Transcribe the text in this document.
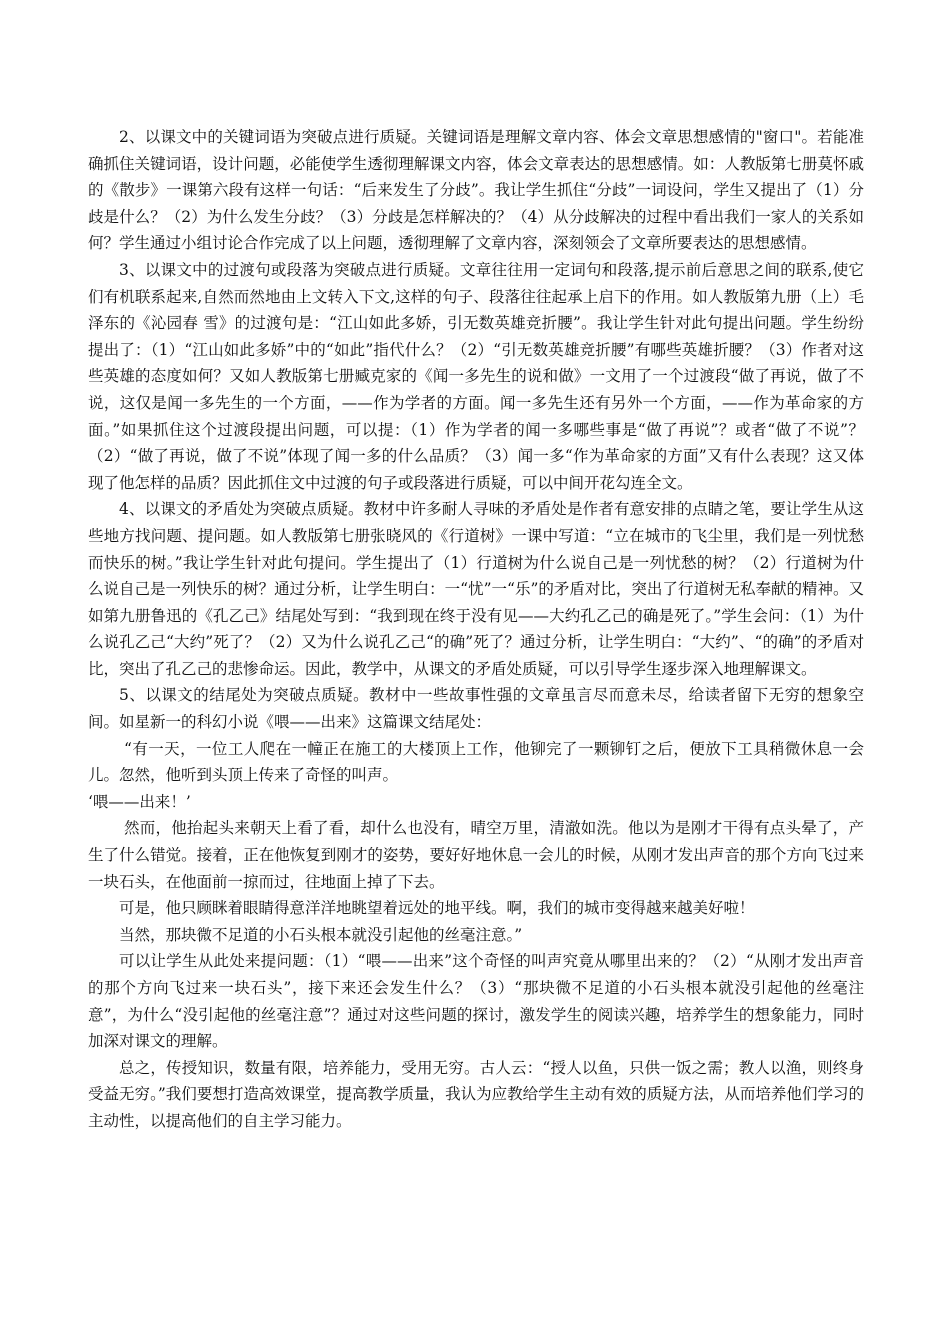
2、以课文中的关键词语为突破点进行质疑。关键词语是理解文章内容、体会文章思想感情的"窗口"。若能准确抓住关键词语，设计问题，必能使学生透彻理解课文内容，体会文章表达的思想感情。如：人教版第七册莫怀戚的《散步》一课第六段有这样一句话：“后来发生了分歧”。我让学生抓住“分歧”一词设问，学生又提出了（1）分歧是什么？（2）为什么发生分歧？（3）分歧是怎样解决的？（4）从分歧解决的过程中看出我们一家人的关系如何？学生通过小组讨论合作完成了以上问题，透彻理解了文章内容，深刻领会了文章所要表达的思想感情。

3、以课文中的过渡句或段落为突破点进行质疑。文章往往用一定词句和段落,提示前后意思之间的联系,使它们有机联系起来,自然而然地由上文转入下文,这样的句子、段落往往起承上启下的作用。如人教版第九册（上）毛泽东的《沁园春 雪》的过渡句是：“江山如此多娇，引无数英雄竞折腰”。我让学生针对此句提出问题。学生纷纷提出了：（1）“江山如此多娇”中的“如此”指代什么？（2）“引无数英雄竞折腰”有哪些英雄折腰？（3）作者对这些英雄的态度如何？又如人教版第七册臧克家的《闻一多先生的说和做》一文用了一个过渡段“做了再说，做了不说，这仅是闻一多先生的一个方面，——作为学者的方面。闻一多先生还有另外一个方面，——作为革命家的方面。”如果抓住这个过渡段提出问题，可以提：（1）作为学者的闻一多哪些事是“做了再说”？或者“做了不说”？（2）“做了再说，做了不说”体现了闻一多的什么品质？（3）闻一多“作为革命家的方面”又有什么表现？这又体现了他怎样的品质？因此抓住文中过渡的句子或段落进行质疑，可以中间开花勾连全文。

4、以课文的矛盾处为突破点质疑。教材中许多耐人寻味的矛盾处是作者有意安排的点睛之笔，要让学生从这些地方找问题、提问题。如人教版第七册张晓风的《行道树》一课中写道：“立在城市的飞尘里，我们是一列忧愁而快乐的树。”我让学生针对此句提问。学生提出了（1）行道树为什么说自己是一列忧愁的树？（2）行道树为什么说自己是一列快乐的树？通过分析，让学生明白：一“忧”一“乐”的矛盾对比，突出了行道树无私奉献的精神。又如第九册鲁迅的《孔乙己》结尾处写到：“我到现在终于没有见——大约孔乙己的确是死了。”学生会问：（1）为什么说孔乙己“大约”死了？（2）又为什么说孔乙己“的确”死了？通过分析，让学生明白：“大约”、“的确”的矛盾对比，突出了孔乙己的悲惨命运。因此，教学中，从课文的矛盾处质疑，可以引导学生逐步深入地理解课文。

5、以课文的结尾处为突破点质疑。教材中一些故事性强的文章虽言尽而意未尽，给读者留下无穷的想象空间。如星新一的科幻小说《喂——出来》这篇课文结尾处：

“有一天，一位工人爬在一幢正在施工的大楼顶上工作，他铆完了一颗铆钉之后，便放下工具稍微休息一会儿。忽然，他听到头顶上传来了奇怪的叫声。

‘喂——出来！’

然而，他抬起头来朝天上看了看，却什么也没有，晴空万里，清澈如洗。他以为是刚才干得有点头晕了，产生了什么错觉。接着，正在他恢复到刚才的姿势，要好好地休息一会儿的时候，从刚才发出声音的那个方向飞过来一块石头，在他面前一掠而过，往地面上掉了下去。

可是，他只顾眯着眼睛得意洋洋地眺望着远处的地平线。啊，我们的城市变得越来越美好啦！

当然，那块微不足道的小石头根本就没引起他的丝毫注意。”

可以让学生从此处来提问题：（1）“喂——出来”这个奇怪的叫声究竟从哪里出来的？（2）“从刚才发出声音的那个方向飞过来一块石头”，接下来还会发生什么？（3）“那块微不足道的小石头根本就没引起他的丝毫注意”，为什么“没引起他的丝毫注意”？通过对这些问题的探讨，激发学生的阅读兴趣，培养学生的想象能力，同时加深对课文的理解。

总之，传授知识，数量有限，培养能力，受用无穷。古人云：“授人以鱼，只供一饭之需；教人以渔，则终身受益无穷。”我们要想打造高效课堂，提高教学质量，我认为应教给学生主动有效的质疑方法，从而培养他们学习的主动性，以提高他们的自主学习能力。
